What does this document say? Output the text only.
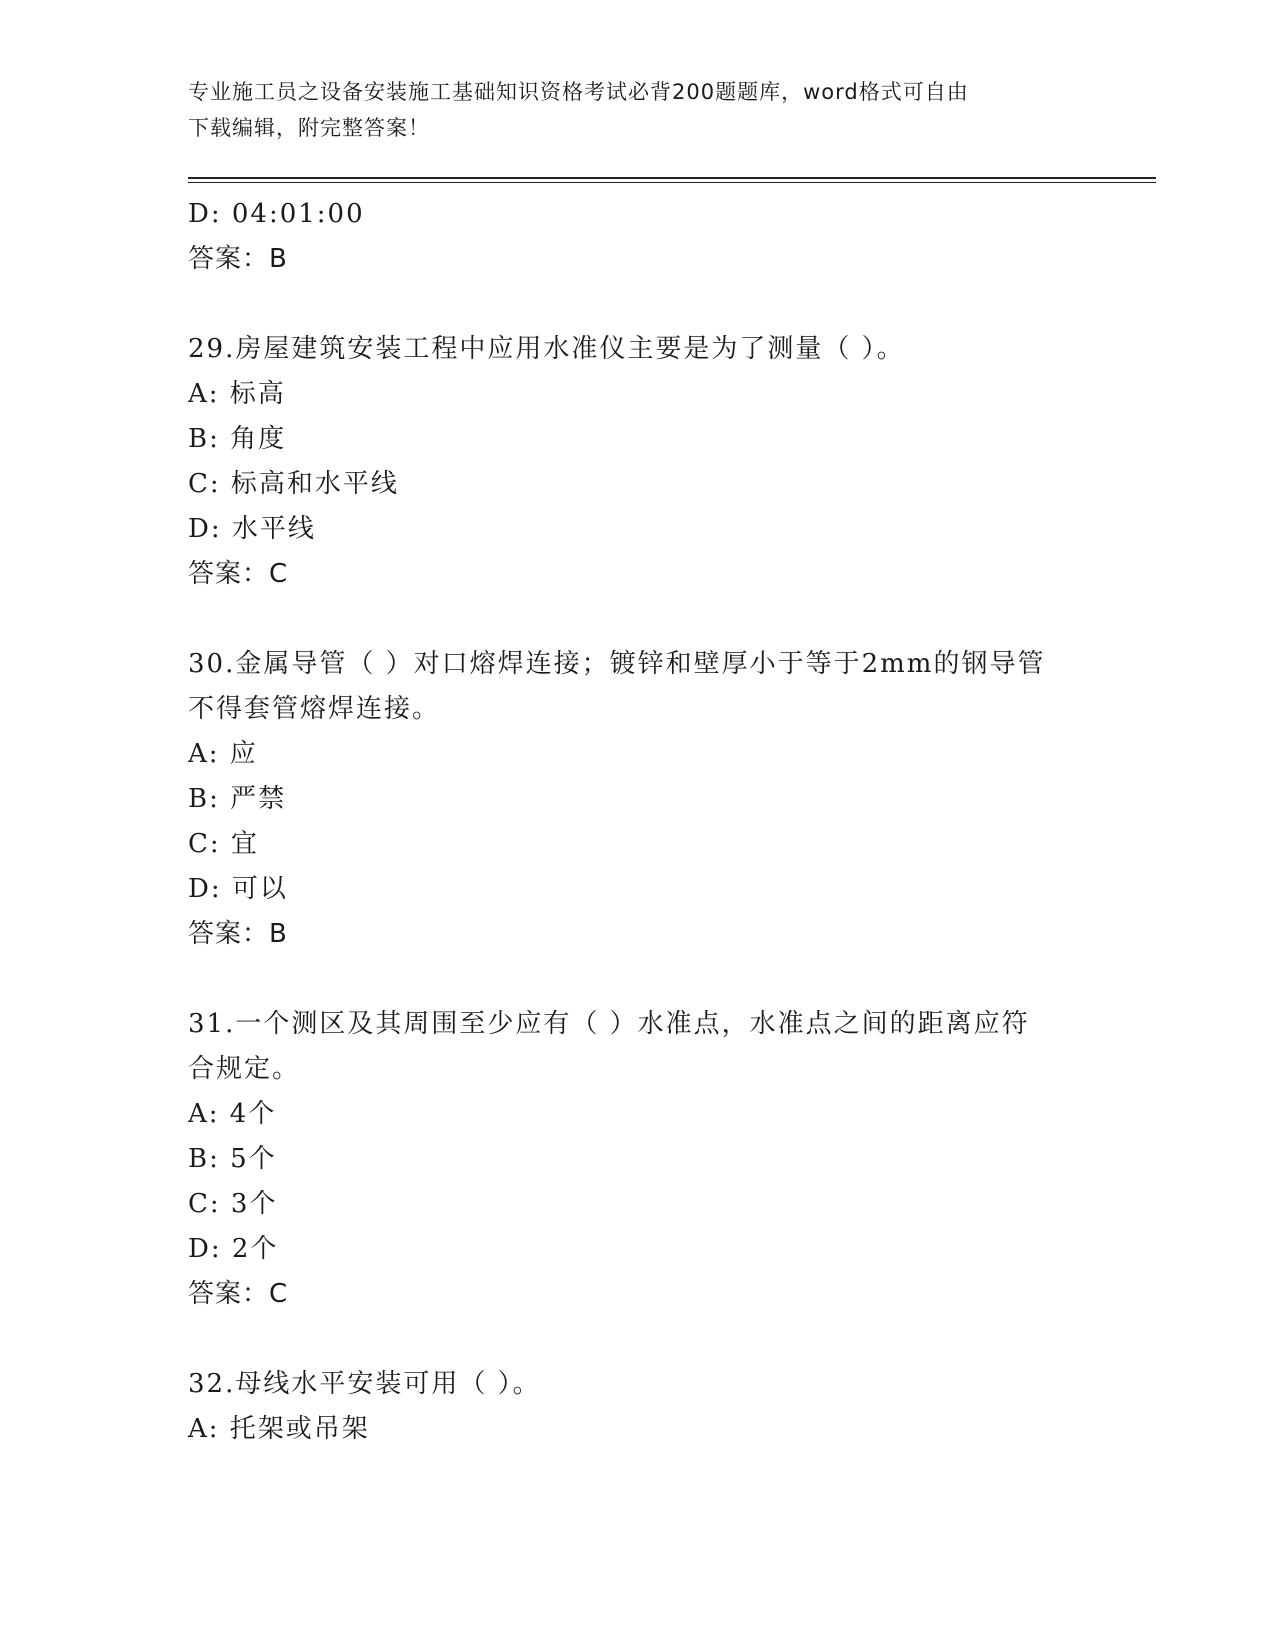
专业施工员之设备安装施工基础知识资格考试必背200题题库，word格式可自由
下载编辑，附完整答案！
D: 04:01:00
答案：B
29.房屋建筑安装工程中应用水准仪主要是为了测量（ ）。
A: 标高
B: 角度
C: 标高和水平线
D: 水平线
答案：C
30.金属导管（ ）对口熔焊连接；镀锌和壁厚小于等于2mm的钢导管
不得套管熔焊连接。
A: 应
B: 严禁
C: 宜
D: 可以
答案：B
31.一个测区及其周围至少应有（ ）水准点，水准点之间的距离应符
合规定。
A: 4个
B: 5个
C: 3个
D: 2个
答案：C
32.母线水平安装可用（ ）。
A: 托架或吊架
